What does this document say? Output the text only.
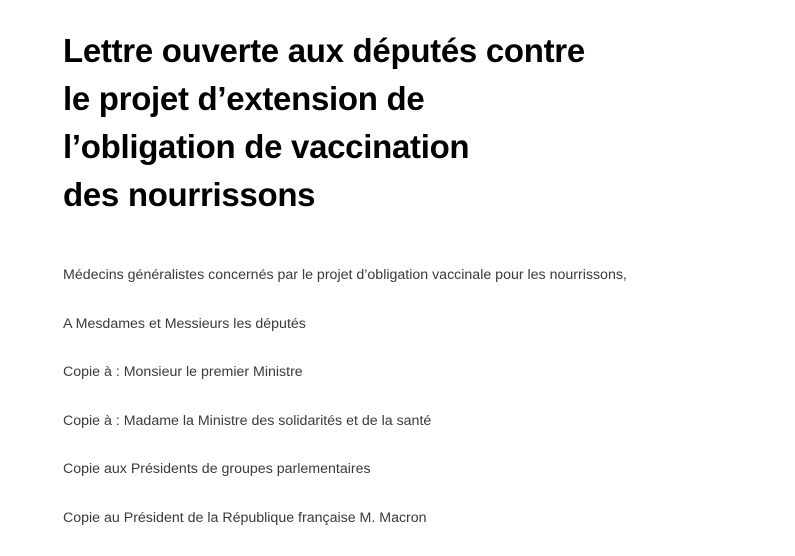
Lettre ouverte aux députés contre
le projet d’extension de
l’obligation de vaccination
des nourrissons

Médecins généralistes concernés par le projet d’obligation vaccinale pour les nourrissons,

A Mesdames et Messieurs les députés

Copie à : Monsieur le premier Ministre

Copie à : Madame la Ministre des solidarités et de la santé

Copie aux Présidents de groupes parlementaires

Copie au Président de la République française M. Macron
